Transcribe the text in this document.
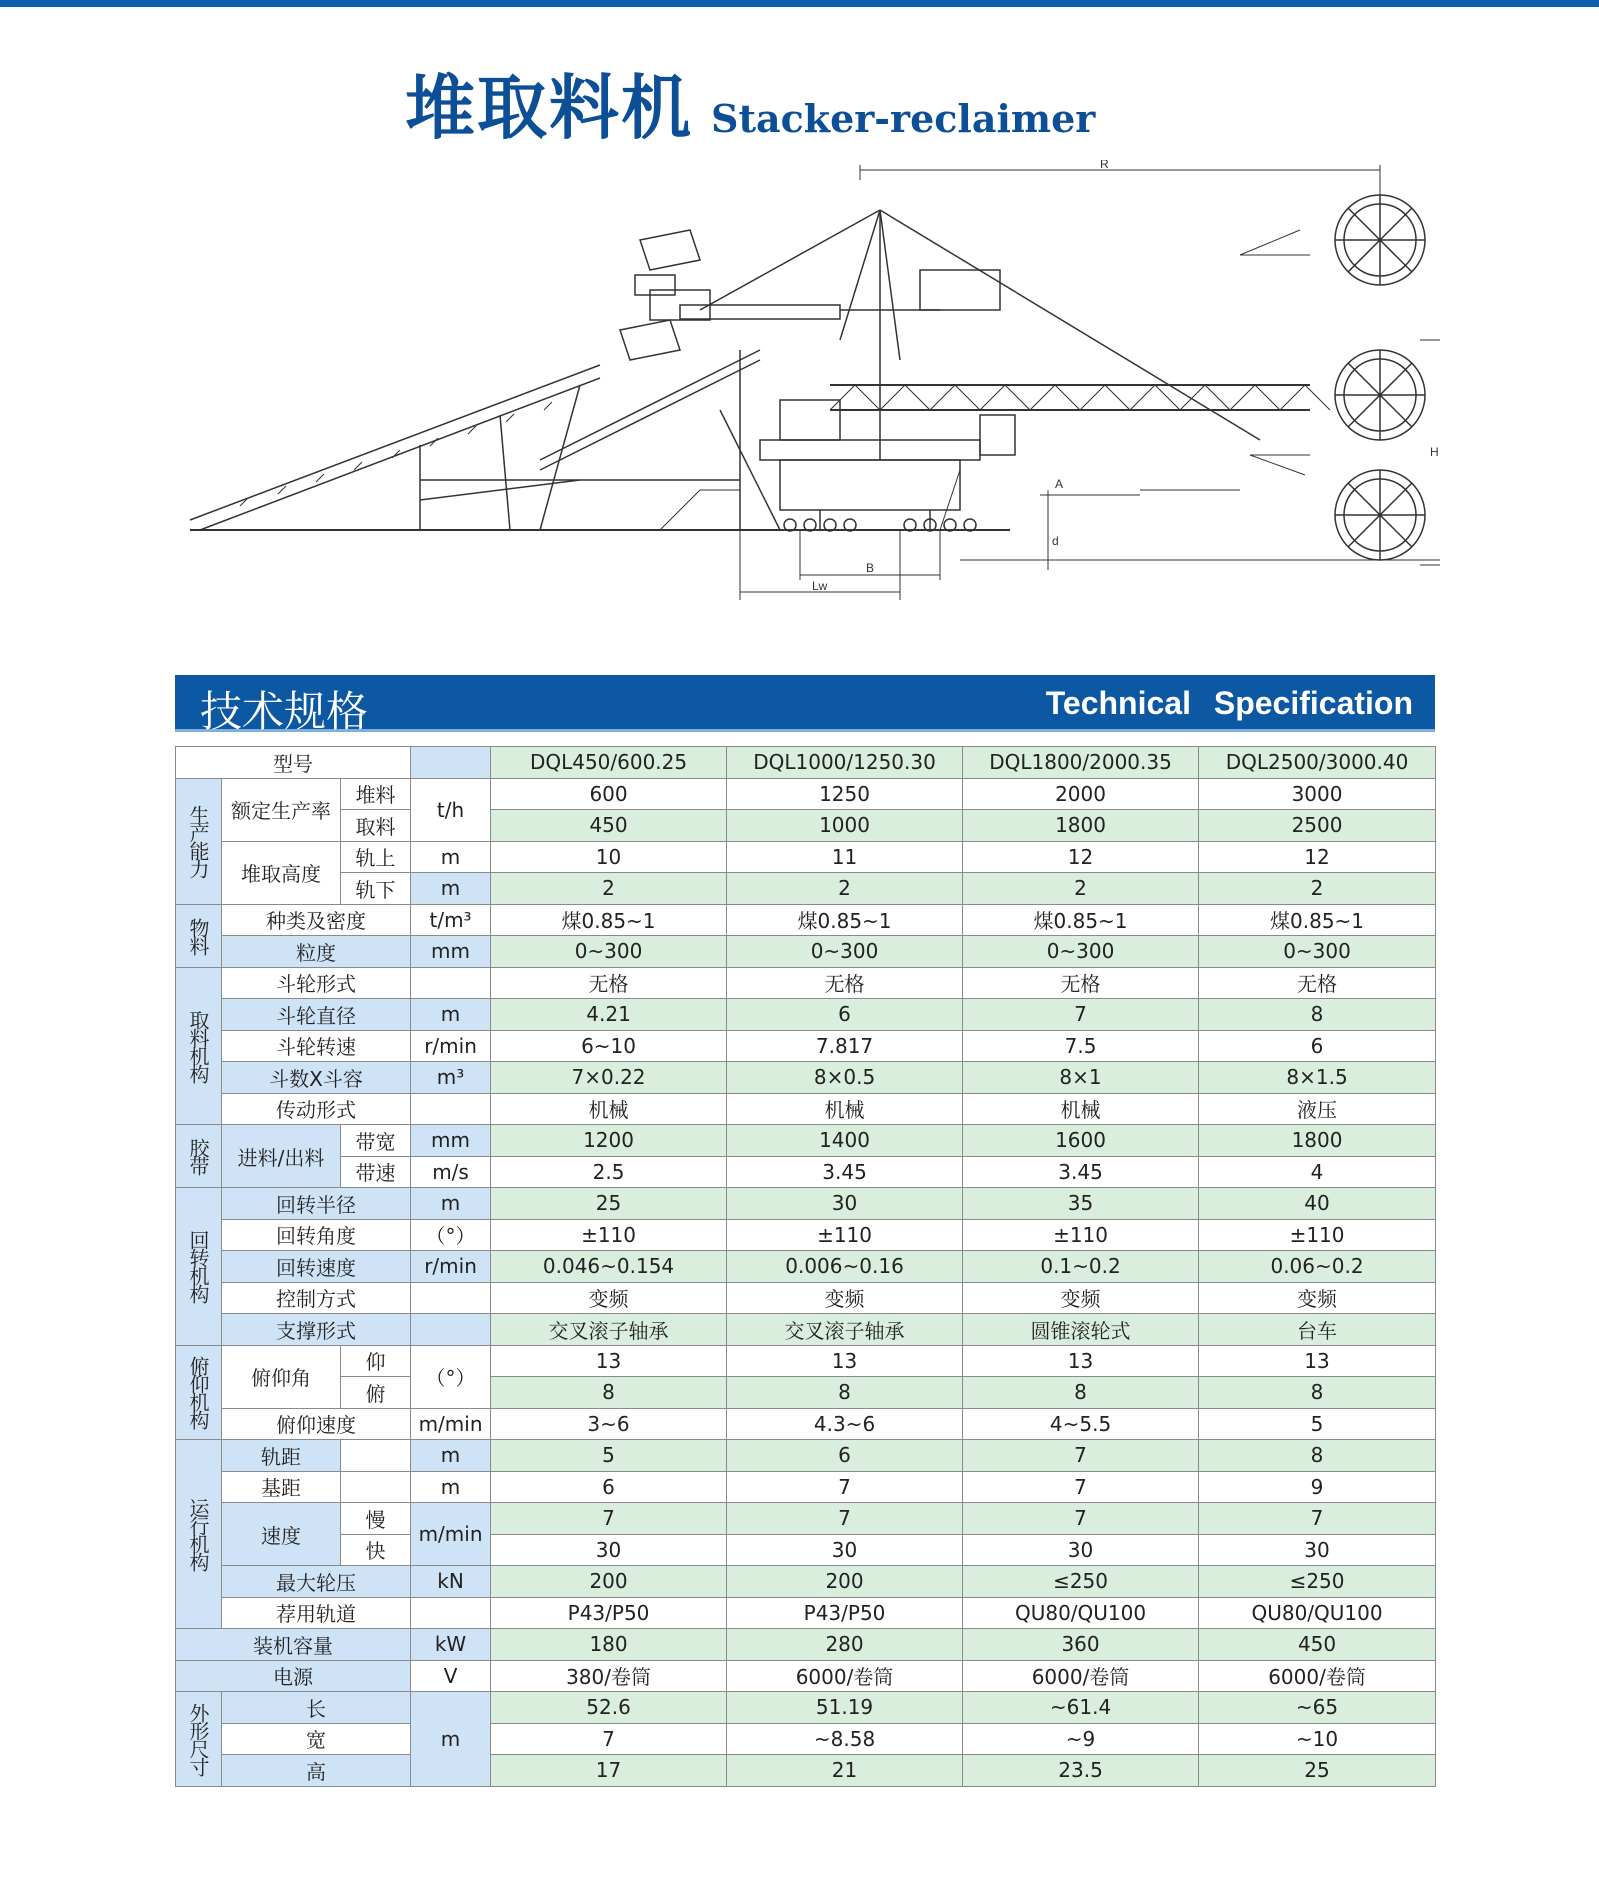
堆取料机 Stacker-reclaimer
R
H
A
B
Lw
d
技术规格	Technical Specification
型号				DQL450/600.25	DQL1000/1250.30	DQL1800/2000.35	DQL2500/3000.40
生产能力	额定生产率	堆料	t/h	600	1250	2000	3000
		取料		450	1000	1800	2500
	堆取高度	轨上	m	10	11	12	12
		轨下	m	2	2	2	2
物料	种类及密度		t/m³	煤0.85~1	煤0.85~1	煤0.85~1	煤0.85~1
	粒度		mm	0~300	0~300	0~300	0~300
取料机构	斗轮形式			无格	无格	无格	无格
	斗轮直径		m	4.21	6	7	8
	斗轮转速		r/min	6~10	7.817	7.5	6
	斗数X斗容		m³	7×0.22	8×0.5	8×1	8×1.5
	传动形式			机械	机械	机械	液压
胶带	进料/出料	带宽	mm	1200	1400	1600	1800
		带速	m/s	2.5	3.45	3.45	4
回转机构	回转半径		m	25	30	35	40
	回转角度		（°）	±110	±110	±110	±110
	回转速度		r/min	0.046~0.154	0.006~0.16	0.1~0.2	0.06~0.2
	控制方式			变频	变频	变频	变频
	支撑形式			交叉滚子轴承	交叉滚子轴承	圆锥滚轮式	台车
俯仰机构	俯仰角	仰	（°）	13	13	13	13
		俯		8	8	8	8
	俯仰速度		m/min	3~6	4.3~6	4~5.5	5
运行机构	轨距		m	5	6	7	8
	基距		m	6	7	7	9
	速度	慢	m/min	7	7	7	7
		快		30	30	30	30
	最大轮压		kN	200	200	≤250	≤250
	荐用轨道			P43/P50	P43/P50	QU80/QU100	QU80/QU100
装机容量			kW	180	280	360	450
电源			V	380/卷筒	6000/卷筒	6000/卷筒	6000/卷筒
外形尺寸	长		m	52.6	51.19	~61.4	~65
	宽			7	~8.58	~9	~10
	高			17	21	23.5	25
